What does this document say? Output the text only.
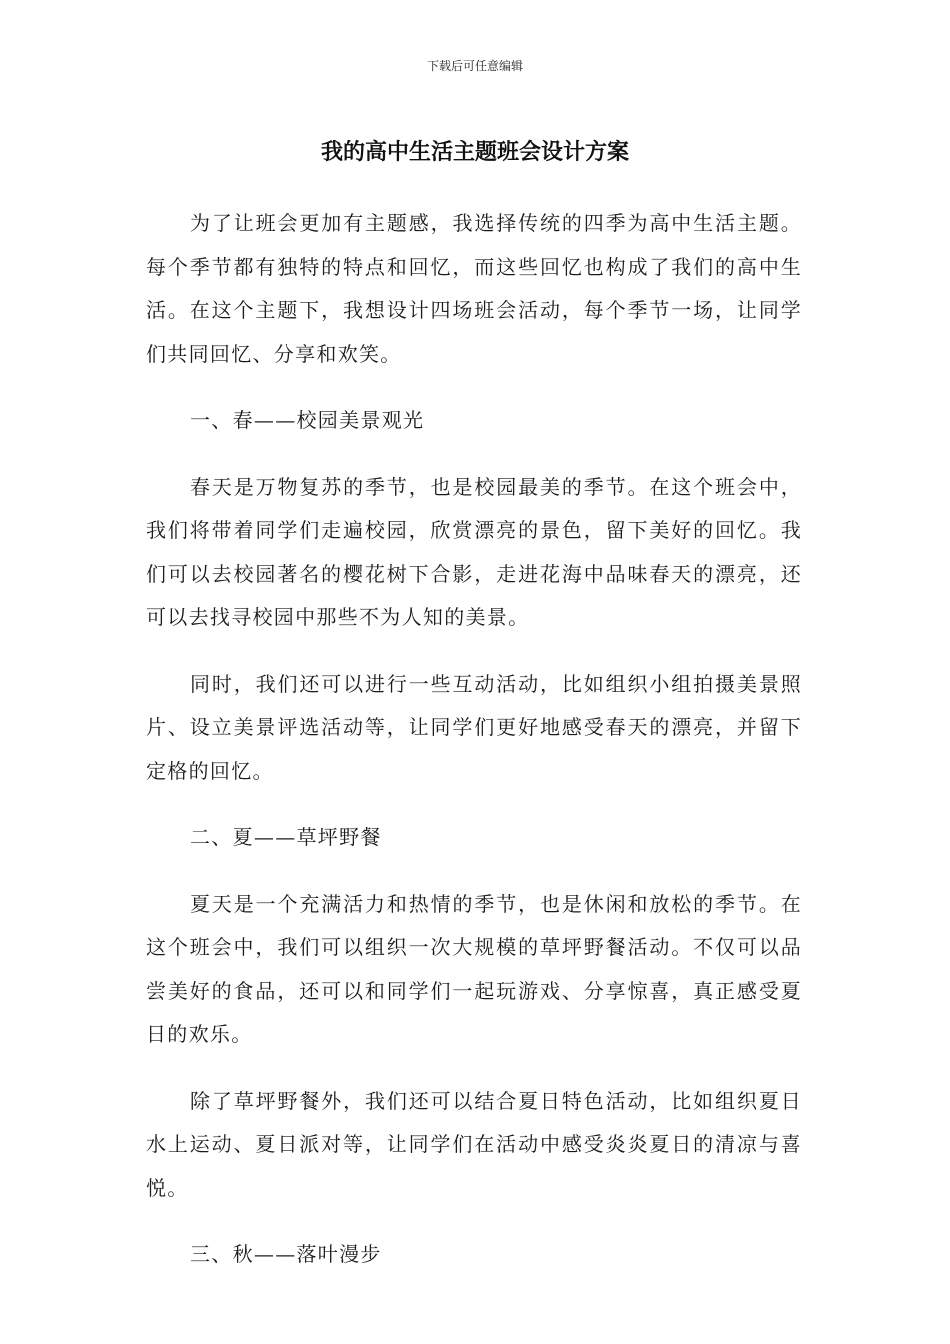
下载后可任意编辑
我的高中生活主题班会设计方案

为了让班会更加有主题感，我选择传统的四季为高中生活主题。每个季节都有独特的特点和回忆，而这些回忆也构成了我们的高中生活。在这个主题下，我想设计四场班会活动，每个季节一场，让同学们共同回忆、分享和欢笑。

一、春——校园美景观光

春天是万物复苏的季节，也是校园最美的季节。在这个班会中，我们将带着同学们走遍校园，欣赏漂亮的景色，留下美好的回忆。我们可以去校园著名的樱花树下合影，走进花海中品味春天的漂亮，还可以去找寻校园中那些不为人知的美景。

同时，我们还可以进行一些互动活动，比如组织小组拍摄美景照片、设立美景评选活动等，让同学们更好地感受春天的漂亮，并留下定格的回忆。

二、夏——草坪野餐

夏天是一个充满活力和热情的季节，也是休闲和放松的季节。在这个班会中，我们可以组织一次大规模的草坪野餐活动。不仅可以品尝美好的食品，还可以和同学们一起玩游戏、分享惊喜，真正感受夏日的欢乐。

除了草坪野餐外，我们还可以结合夏日特色活动，比如组织夏日水上运动、夏日派对等，让同学们在活动中感受炎炎夏日的清凉与喜悦。

三、秋——落叶漫步
